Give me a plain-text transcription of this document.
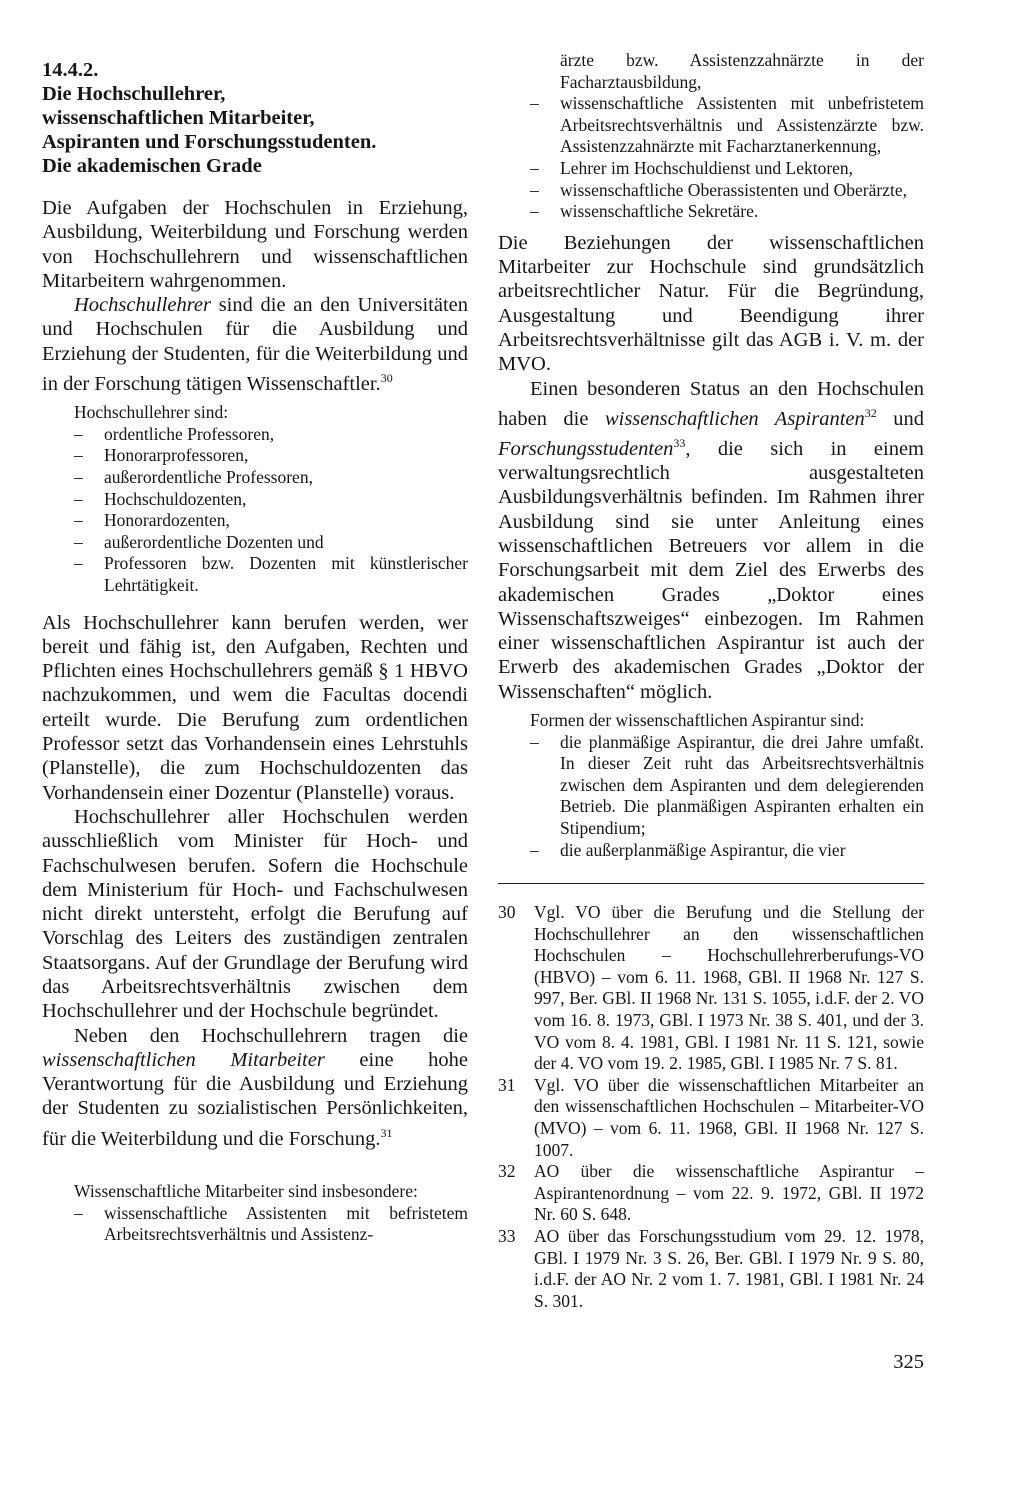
14.4.2.
Die Hochschullehrer,
wissenschaftlichen Mitarbeiter,
Aspiranten und Forschungsstudenten.
Die akademischen Grade

Die Aufgaben der Hochschulen in Erziehung, Ausbildung, Weiterbildung und Forschung werden von Hochschullehrern und wissenschaftlichen Mitarbeitern wahrgenommen.

Hochschullehrer sind die an den Universitäten und Hochschulen für die Ausbildung und Erziehung der Studenten, für die Weiterbildung und in der Forschung tätigen Wissenschaftler.$^{30}$

Hochschullehrer sind:
– ordentliche Professoren,
– Honorarprofessoren,
– außerordentliche Professoren,
– Hochschuldozenten,
– Honorardozenten,
– außerordentliche Dozenten und
– Professoren bzw. Dozenten mit künstlerischer Lehrtätigkeit.

Als Hochschullehrer kann berufen werden, wer bereit und fähig ist, den Aufgaben, Rechten und Pflichten eines Hochschullehrers gemäß § 1 HBVO nachzukommen, und wem die Facultas docendi erteilt wurde. Die Berufung zum ordentlichen Professor setzt das Vorhandensein eines Lehrstuhls (Planstelle), die zum Hochschuldozenten das Vorhandensein einer Dozentur (Planstelle) voraus.

Hochschullehrer aller Hochschulen werden ausschließlich vom Minister für Hoch- und Fachschulwesen berufen. Sofern die Hochschule dem Ministerium für Hoch- und Fachschulwesen nicht direkt untersteht, erfolgt die Berufung auf Vorschlag des Leiters des zuständigen zentralen Staatsorgans. Auf der Grundlage der Berufung wird das Arbeitsrechtsverhältnis zwischen dem Hochschullehrer und der Hochschule begründet.

Neben den Hochschullehrern tragen die wissenschaftlichen Mitarbeiter eine hohe Verantwortung für die Ausbildung und Erziehung der Studenten zu sozialistischen Persönlichkeiten, für die Weiterbildung und die Forschung.$^{31}$

Wissenschaftliche Mitarbeiter sind insbesondere:
– wissenschaftliche Assistenten mit befristetem Arbeitsrechtsverhältnis und Assistenz-

ärzte bzw. Assistenzzahnärzte in der Facharztausbildung,

– wissenschaftliche Assistenten mit unbefristetem Arbeitsrechtsverhältnis und Assistenzärzte bzw. Assistenzzahnärzte mit Facharztanerkennung,
– Lehrer im Hochschuldienst und Lektoren,
– wissenschaftliche Oberassistenten und Oberärzte,
– wissenschaftliche Sekretäre.

Die Beziehungen der wissenschaftlichen Mitarbeiter zur Hochschule sind grundsätzlich arbeitsrechtlicher Natur. Für die Begründung, Ausgestaltung und Beendigung ihrer Arbeitsrechtsverhältnisse gilt das AGB i. V. m. der MVO.

Einen besonderen Status an den Hochschulen haben die wissenschaftlichen Aspiranten$^{32}$ und Forschungsstudenten$^{33}$, die sich in einem verwaltungsrechtlich ausgestalteten Ausbildungsverhältnis befinden. Im Rahmen ihrer Ausbildung sind sie unter Anleitung eines wissenschaftlichen Betreuers vor allem in die Forschungsarbeit mit dem Ziel des Erwerbs des akademischen Grades „Doktor eines Wissenschaftszweiges“ einbezogen. Im Rahmen einer wissenschaftlichen Aspirantur ist auch der Erwerb des akademischen Grades „Doktor der Wissenschaften“ möglich.

Formen der wissenschaftlichen Aspirantur sind:
– die planmäßige Aspirantur, die drei Jahre umfaßt. In dieser Zeit ruht das Arbeitsrechtsverhältnis zwischen dem Aspiranten und dem delegierenden Betrieb. Die planmäßigen Aspiranten erhalten ein Stipendium;
– die außerplanmäßige Aspirantur, die vier
30 Vgl. VO über die Berufung und die Stellung der Hochschullehrer an den wissenschaftlichen Hochschulen – Hochschullehrerberufungs-VO (HBVO) – vom 6. 11. 1968, GBl. II 1968 Nr. 127 S. 997, Ber. GBl. II 1968 Nr. 131 S. 1055, i.d.F. der 2. VO vom 16. 8. 1973, GBl. I 1973 Nr. 38 S. 401, und der 3. VO vom 8. 4. 1981, GBl. I 1981 Nr. 11 S. 121, sowie der 4. VO vom 19. 2. 1985, GBl. I 1985 Nr. 7 S. 81.
31 Vgl. VO über die wissenschaftlichen Mitarbeiter an den wissenschaftlichen Hochschulen – Mitarbeiter-VO (MVO) – vom 6. 11. 1968, GBl. II 1968 Nr. 127 S. 1007.
32 AO über die wissenschaftliche Aspirantur – Aspirantenordnung – vom 22. 9. 1972, GBl. II 1972 Nr. 60 S. 648.
33 AO über das Forschungsstudium vom 29. 12. 1978, GBl. I 1979 Nr. 3 S. 26, Ber. GBl. I 1979 Nr. 9 S. 80, i.d.F. der AO Nr. 2 vom 1. 7. 1981, GBl. I 1981 Nr. 24 S. 301.
325
